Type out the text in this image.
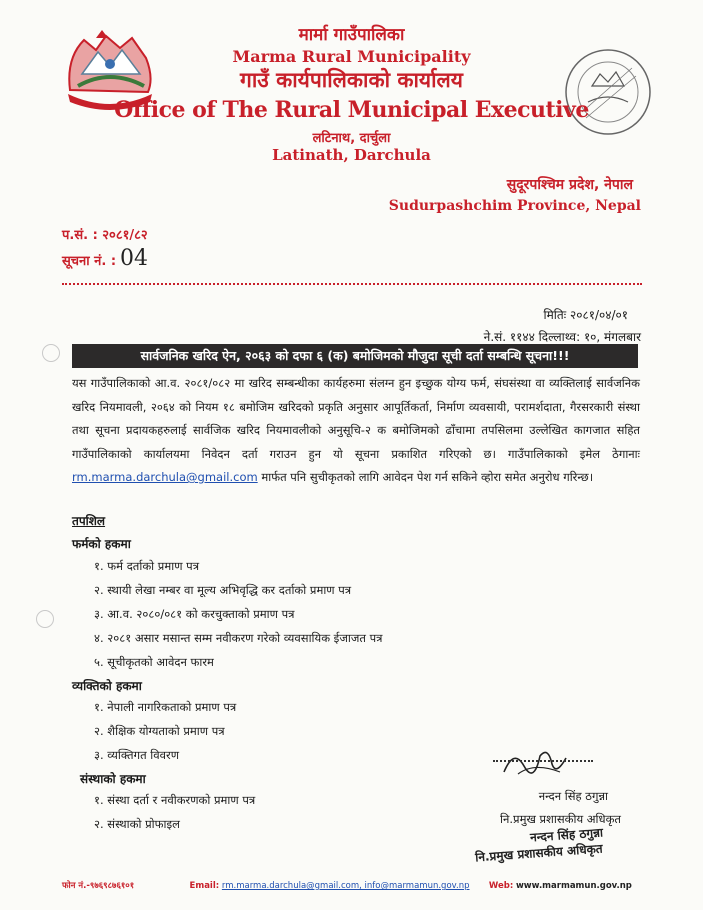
मार्मा गाउँपालिका
Marma Rural Municipality
गाउँ कार्यपालिकाको कार्यालय
Office of The Rural Municipal Executive
लटिनाथ, दार्चुला
Latinath, Darchula
सुदूरपश्चिम प्रदेश, नेपाल
Sudurpashchim Province, Nepal
प.सं. : २०८१/८२
सूचना नं. : 04
मितिः २०८१/०४/०१
ने.सं. ११४४ दिल्लाथ्व: १०, मंगलबार
सार्वजनिक खरिद ऐन, २०६३ को दफा ६ (क) बमोजिमको मौजुदा सूची दर्ता सम्बन्धि सूचना!!!
यस गाउँपालिकाको आ.व. २०८१/०८२ मा खरिद सम्बन्धीका कार्यहरुमा संलग्न हुन इच्छुक योग्य फर्म, संघसंस्था वा व्यक्तिलाई सार्वजनिक खरिद नियमावली, २०६४ को नियम १८ बमोजिम खरिदको प्रकृति अनुसार आपूर्तिकर्ता, निर्माण व्यवसायी, परामर्शदाता, गैरसरकारी संस्था तथा सूचना प्रदायकहरुलाई सार्वजिक खरिद नियमावलीको अनुसूचि-२ क बमोजिमको ढाँचामा तपसिलमा उल्लेखित कागजात सहित गाउँपालिकाको कार्यालयमा निवेदन दर्ता गराउन हुन यो सूचना प्रकाशित गरिएको छ। गाउँपालिकाको इमेल ठेगानाः rm.marma.darchula@gmail.com मार्फत पनि सुचीकृतको लागि आवेदन पेश गर्न सकिने व्होरा समेत अनुरोध गरिन्छ।
तपशिल
फर्मको हकमा
१. फर्म दर्ताको प्रमाण पत्र
२. स्थायी लेखा नम्बर वा मूल्य अभिवृद्धि कर दर्ताको प्रमाण पत्र
३. आ.व. २०८०/०८१ को करचुक्ताको प्रमाण पत्र
४. २०८१ असार मसान्त सम्म नवीकरण गरेको व्यवसायिक ईजाजत पत्र
५. सूचीकृतको आवेदन फारम
व्यक्तिको हकमा
१. नेपाली नागरिकताको प्रमाण पत्र
२. शैक्षिक योग्यताको प्रमाण पत्र
३. व्यक्तिगत विवरण
संस्थाको हकमा
१. संस्था दर्ता र नवीकरणको प्रमाण पत्र
२. संस्थाको प्रोफाइल
नन्दन सिंह ठगुन्ना
नि.प्रमुख प्रशासकीय अधिकृत
नन्दन सिंह ठगुन्ना
नि.प्रमुख प्रशासकीय अधिकृत
फोन नं.-९७६९८७६१०१	Email: rm.marma.darchula@gmail.com, info@marmamun.gov.np Web: www.marmamun.gov.np
